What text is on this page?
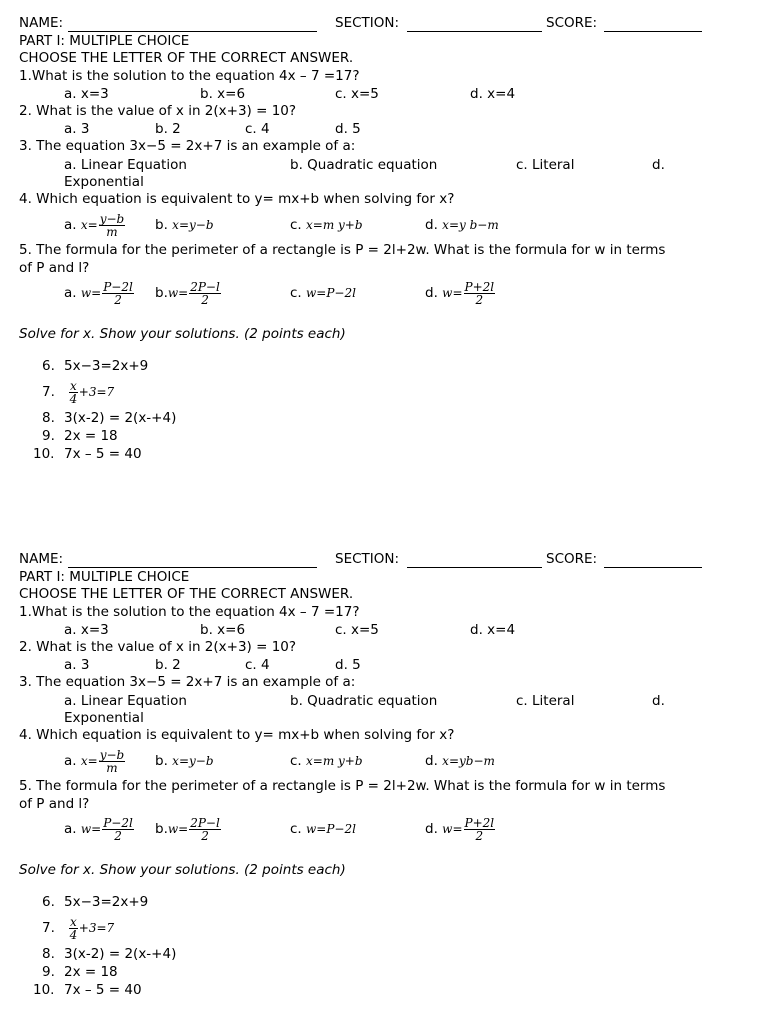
NAME:	SECTION:	SCORE:
PART I: MULTIPLE CHOICE
CHOOSE THE LETTER OF THE CORRECT ANSWER.
1.What is the solution to the equation 4x – 7 =17?
a. x=3	b. x=6	c. x=5	d. x=4
2. What is the value of x in 2(x+3) = 10?
a. 3	b. 2	c. 4	d. 5
3. The equation 3x−5 = 2x+7 is an example of a:
a. Linear Equation	b. Quadratic equation	c. Literal	d.
Exponential
4. Which equation is equivalent to y= mx+b when solving for x?
a. $x= \frac{y-b}{m} b$. x=y−b	c. x=m y+b	d. x=y b−m
5. The formula for the perimeter of a rectangle is P = 2l+2w. What is the formula for w in terms
of P and l?
a. $w= \frac{P-2l}{2} b.w= \frac{2P-l}{2}$	c. w=P−2l	d. $w= \frac{P+2l}{2}$
Solve for x. Show your solutions. (2 points each)
6. 5x−3=2x+9
7. $\frac{x}{4} +3=7$
8. 3(x-2) = 2(x-+4)
9. 2x = 18
10. 7x – 5 = 40
NAME:	SECTION:	SCORE:
PART I: MULTIPLE CHOICE
CHOOSE THE LETTER OF THE CORRECT ANSWER.
1.What is the solution to the equation 4x – 7 =17?
a. x=3	b. x=6	c. x=5	d. x=4
2. What is the value of x in 2(x+3) = 10?
a. 3	b. 2	c. 4	d. 5
3. The equation 3x−5 = 2x+7 is an example of a:
a. Linear Equation	b. Quadratic equation	c. Literal	d.
Exponential
4. Which equation is equivalent to y= mx+b when solving for x?
a. $x= \frac{y-b}{m} b$. x=y−b	c. x=m y+b	d. x=yb−m
5. The formula for the perimeter of a rectangle is P = 2l+2w. What is the formula for w in terms
of P and l?
a. $w= \frac{P-2l}{2} b.w= \frac{2P-l}{2}$	c. w=P−2l	d. $w= \frac{P+2l}{2}$
Solve for x. Show your solutions. (2 points each)
6. 5x−3=2x+9
7. $\frac{x}{4} +3=7$
8. 3(x-2) = 2(x-+4)
9. 2x = 18
10. 7x – 5 = 40
